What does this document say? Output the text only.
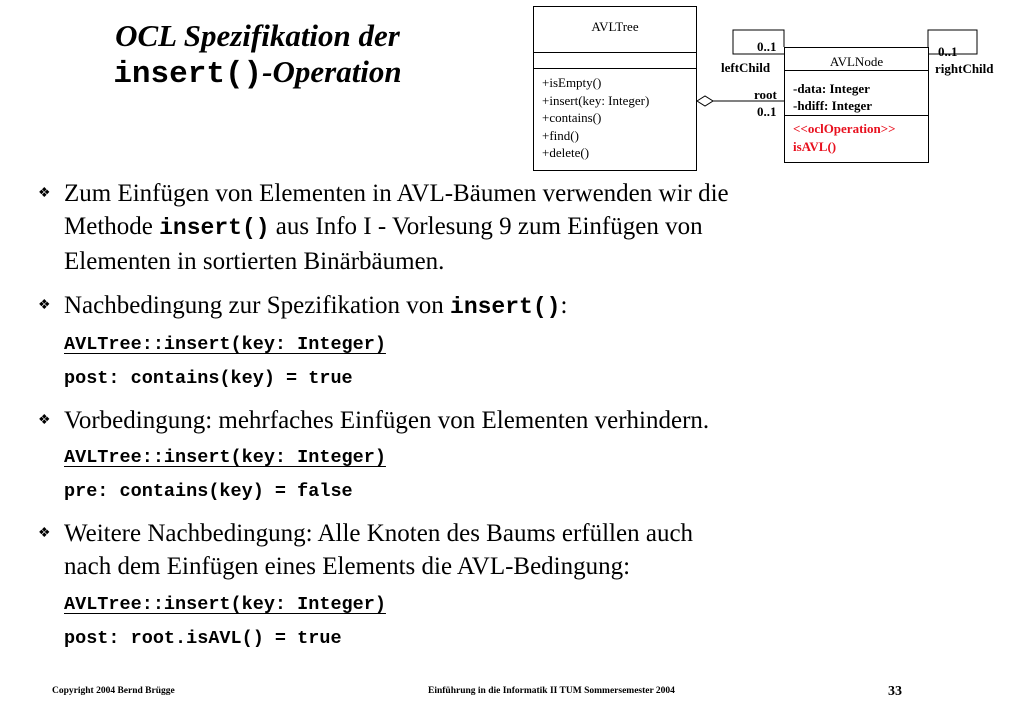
OCL Spezifikation der
insert()-Operation
AVLTree
+isEmpty()
+insert(key: Integer)
+contains()
+find()
+delete()
AVLNode
-data: Integer
-hdiff: Integer
<<oclOperation>>
isAVL()
0..1
leftChild
0..1
rightChild
root
0..1
❖ Zum Einfügen von Elementen in AVL-Bäumen verwenden wir die
Methode insert() aus Info I - Vorlesung 9 zum Einfügen von
Elementen in sortierten Binärbäumen.
❖ Nachbedingung zur Spezifikation von insert():
AVLTree::insert(key: Integer)
post: contains(key) = true
❖ Vorbedingung: mehrfaches Einfügen von Elementen verhindern.
AVLTree::insert(key: Integer)
pre: contains(key) = false
❖ Weitere Nachbedingung: Alle Knoten des Baums erfüllen auch
nach dem Einfügen eines Elements die AVL-Bedingung:
AVLTree::insert(key: Integer)
post: root.isAVL() = true
Copyright 2004 Bernd Brügge	Einführung in die Informatik II TUM Sommersemester 2004	33
